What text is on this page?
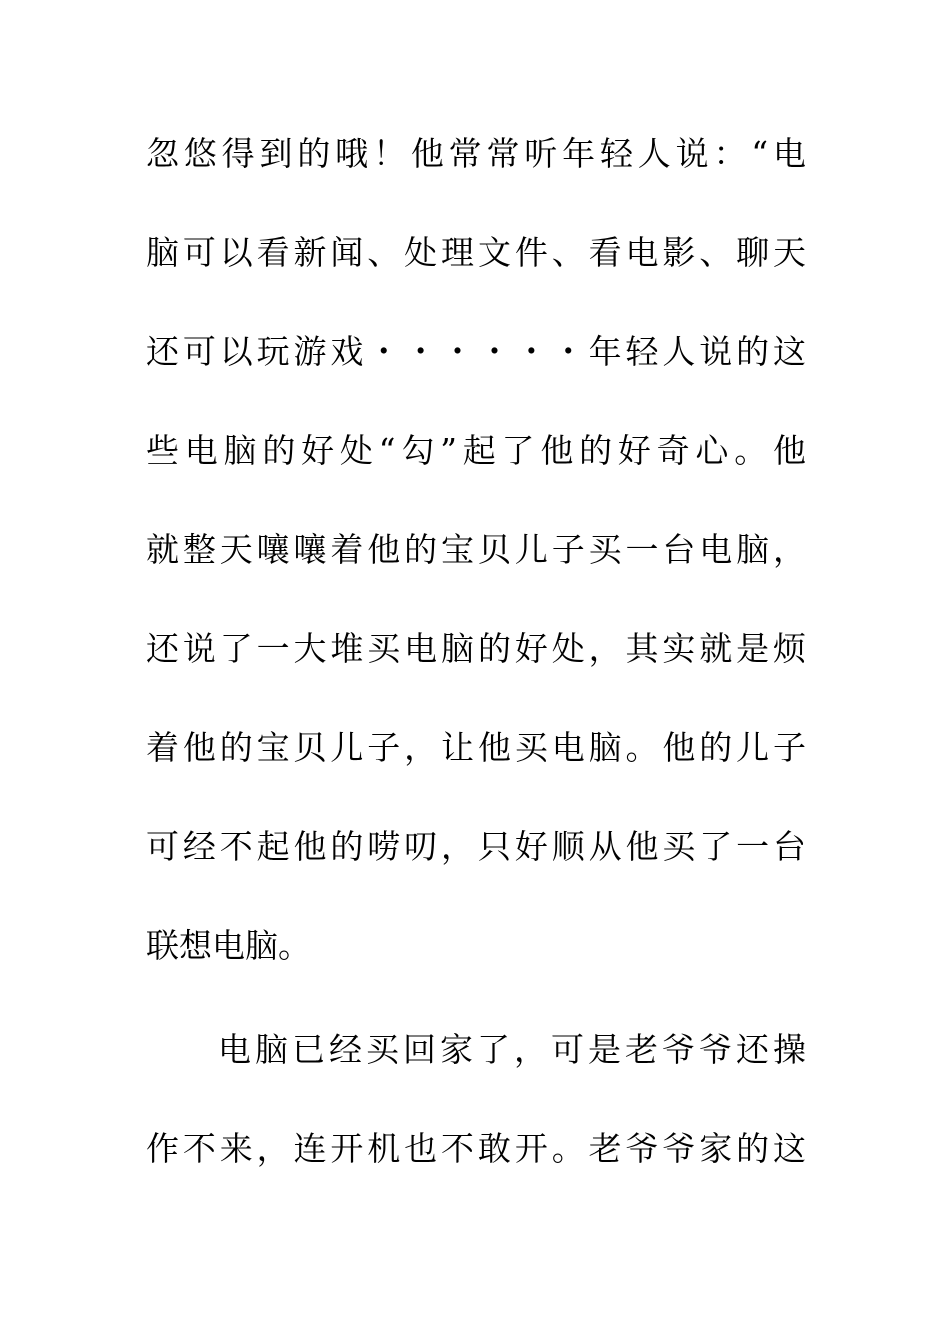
忽悠得到的哦！他常常听年轻人说：“电
脑可以看新闻、处理文件、看电影、聊天
还可以玩游戏・・・・・・年轻人说的这
些电脑的好处“勾”起了他的好奇心。他
就整天嚷嚷着他的宝贝儿子买一台电脑，
还说了一大堆买电脑的好处，其实就是烦
着他的宝贝儿子，让他买电脑。他的儿子
可经不起他的唠叨，只好顺从他买了一台
联想电脑。
电脑已经买回家了，可是老爷爷还操
作不来，连开机也不敢开。老爷爷家的这
